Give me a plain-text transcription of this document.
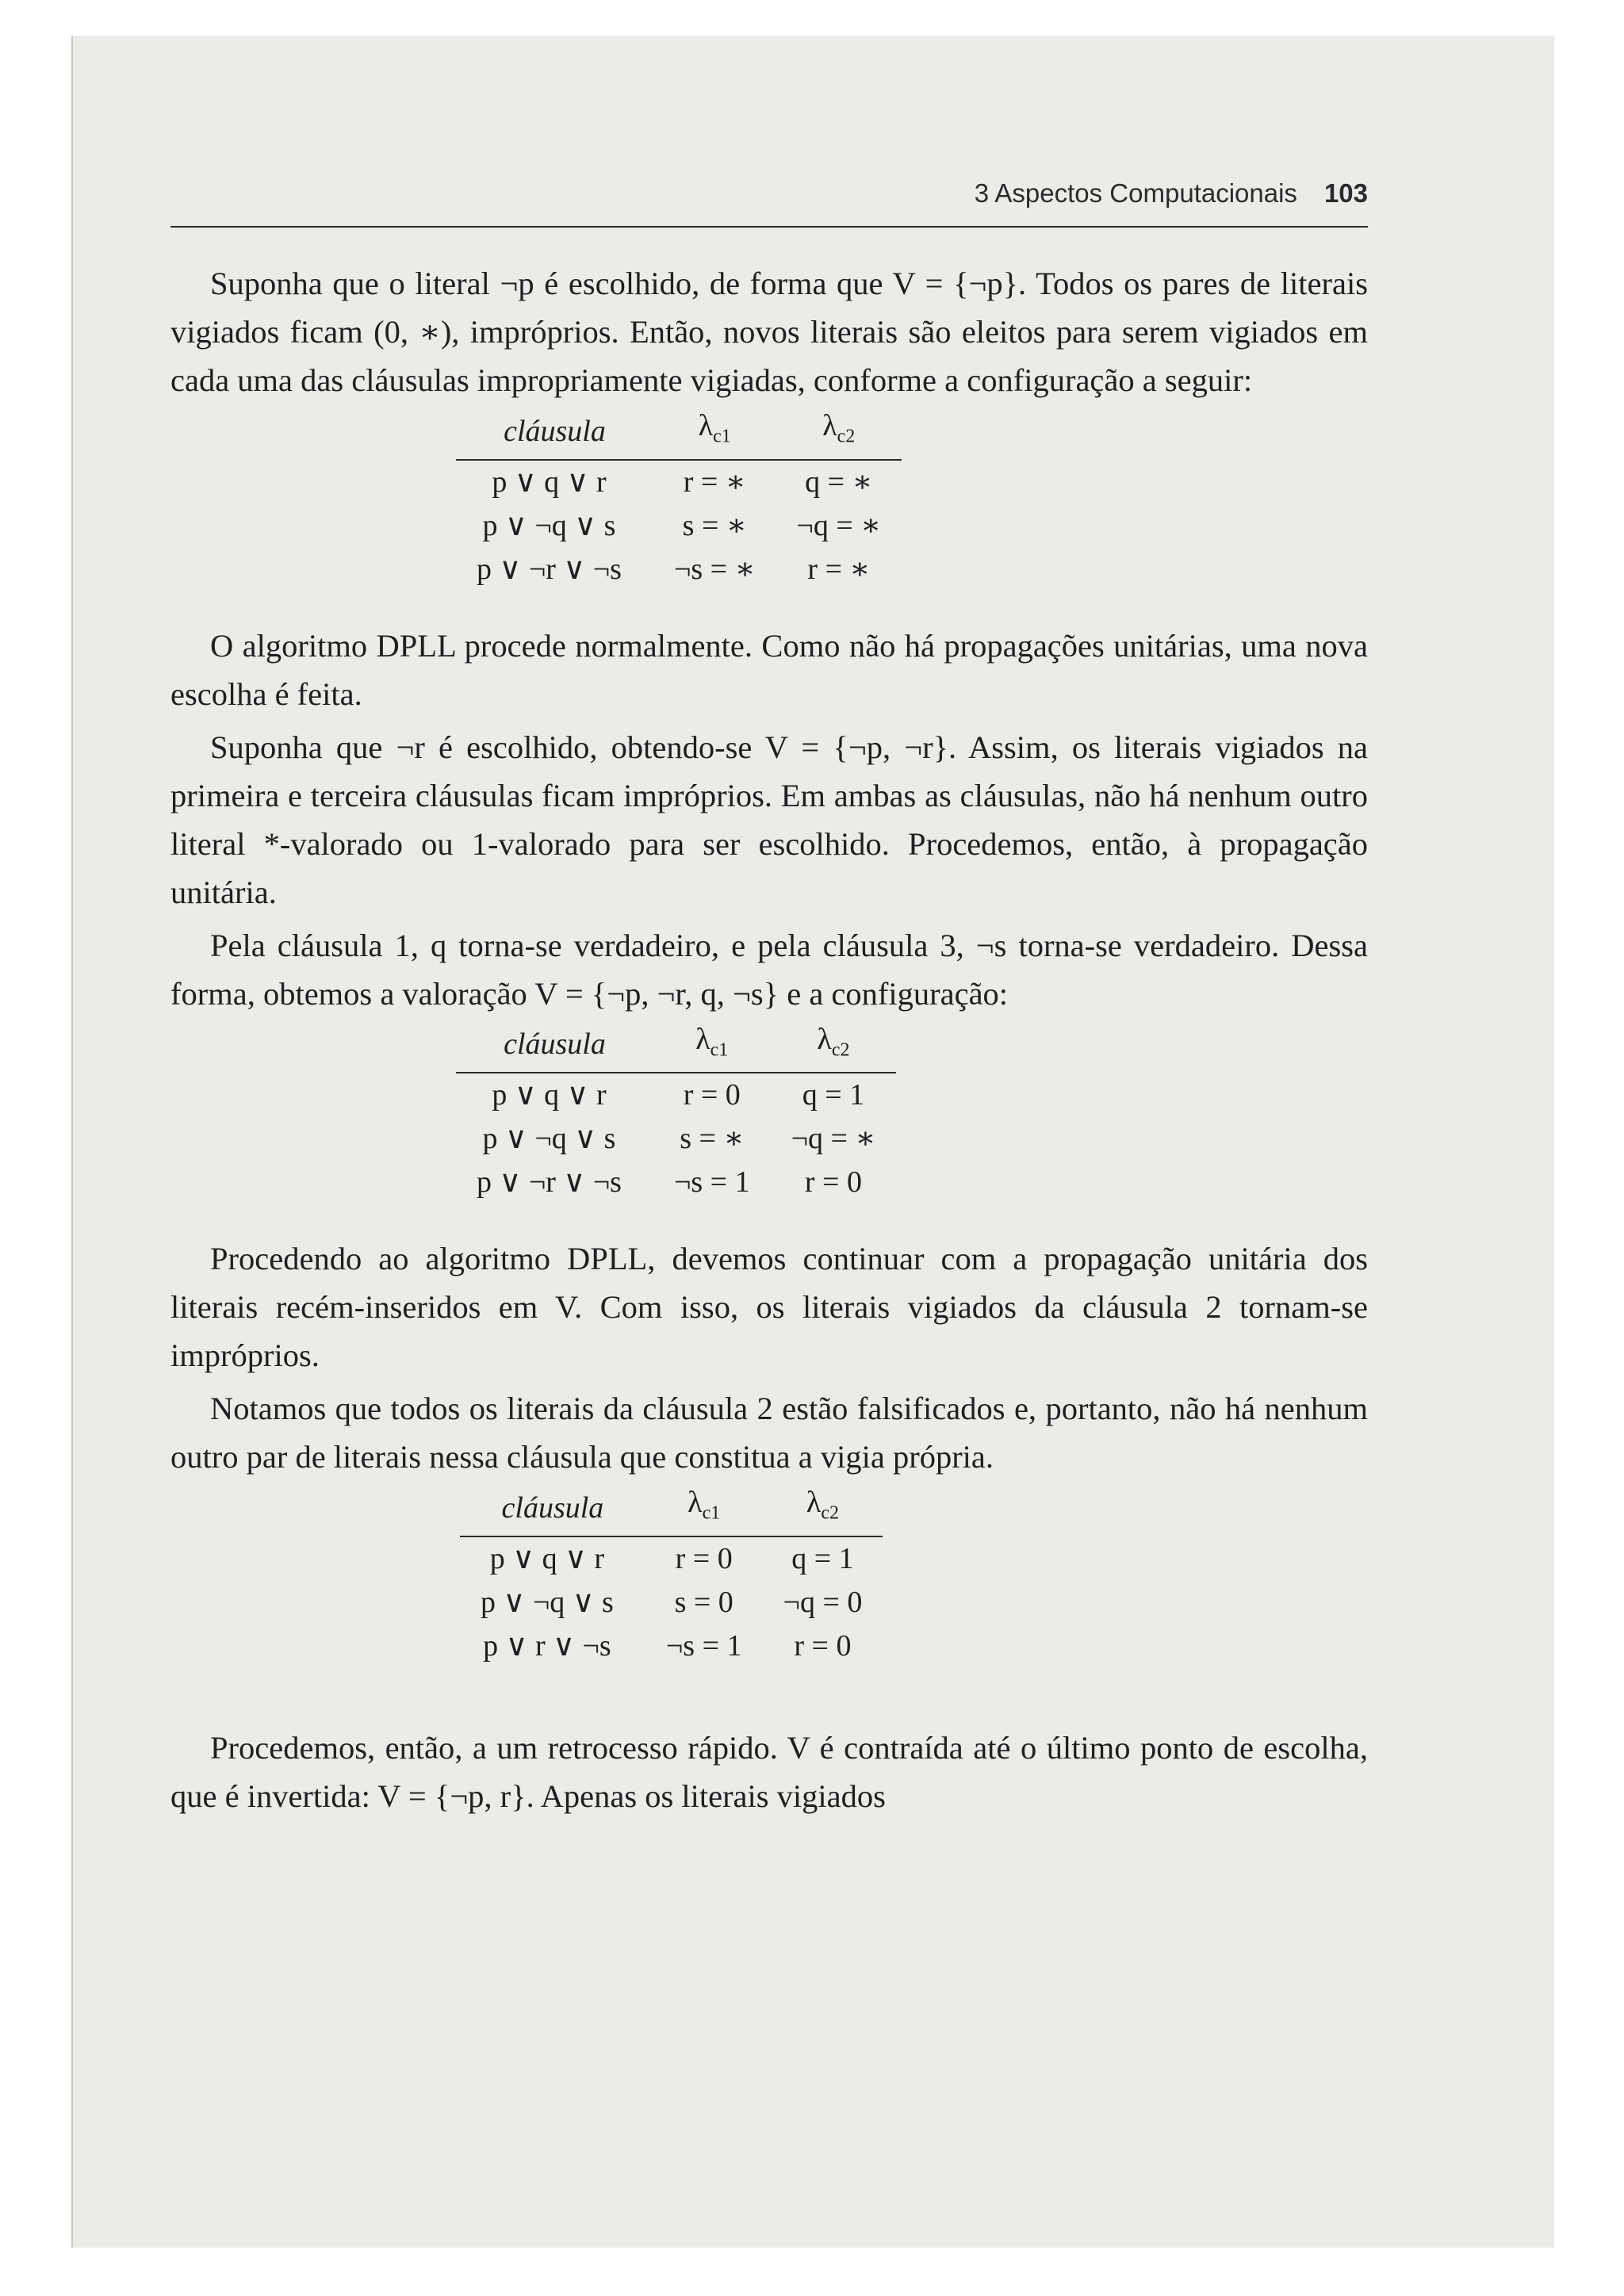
3 Aspectos Computacionais 103

Suponha que o literal ¬p é escolhido, de forma que V = {¬p}. Todos os pares de literais vigiados ficam (0, ∗), impróprios. Então, novos literais são eleitos para serem vigiados em cada uma das cláusulas impropriamente vigiadas, conforme a configuração a seguir:

cláusula	$\lambda_{c1}$	$\lambda_{c2}$
p ∨ q ∨ r	r = ∗	q = ∗
p ∨ ¬q ∨ s	s = ∗	¬q = ∗
p ∨ ¬r ∨ ¬s	¬s = ∗	r = ∗

O algoritmo DPLL procede normalmente. Como não há propagações unitárias, uma nova escolha é feita.

Suponha que ¬r é escolhido, obtendo-se V = {¬p, ¬r}. Assim, os literais vigiados na primeira e terceira cláusulas ficam impróprios. Em ambas as cláusulas, não há nenhum outro literal *-valorado ou 1-valorado para ser escolhido. Procedemos, então, à propagação unitária.

Pela cláusula 1, q torna-se verdadeiro, e pela cláusula 3, ¬s torna-se verdadeiro. Dessa forma, obtemos a valoração V = {¬p, ¬r, q, ¬s} e a configuração:

cláusula	$\lambda_{c1}$	$\lambda_{c2}$
p ∨ q ∨ r	r = 0	q = 1
p ∨ ¬q ∨ s	s = ∗	¬q = ∗
p ∨ ¬r ∨ ¬s	¬s = 1	r = 0

Procedendo ao algoritmo DPLL, devemos continuar com a propagação unitária dos literais recém-inseridos em V. Com isso, os literais vigiados da cláusula 2 tornam-se impróprios.

Notamos que todos os literais da cláusula 2 estão falsificados e, portanto, não há nenhum outro par de literais nessa cláusula que constitua a vigia própria.

cláusula	$\lambda_{c1}$	$\lambda_{c2}$
p ∨ q ∨ r	r = 0	q = 1
p ∨ ¬q ∨ s	s = 0	¬q = 0
p ∨ r ∨ ¬s	¬s = 1	r = 0

Procedemos, então, a um retrocesso rápido. V é contraída até o último ponto de escolha, que é invertida: V = {¬p, r}. Apenas os literais vigiados
